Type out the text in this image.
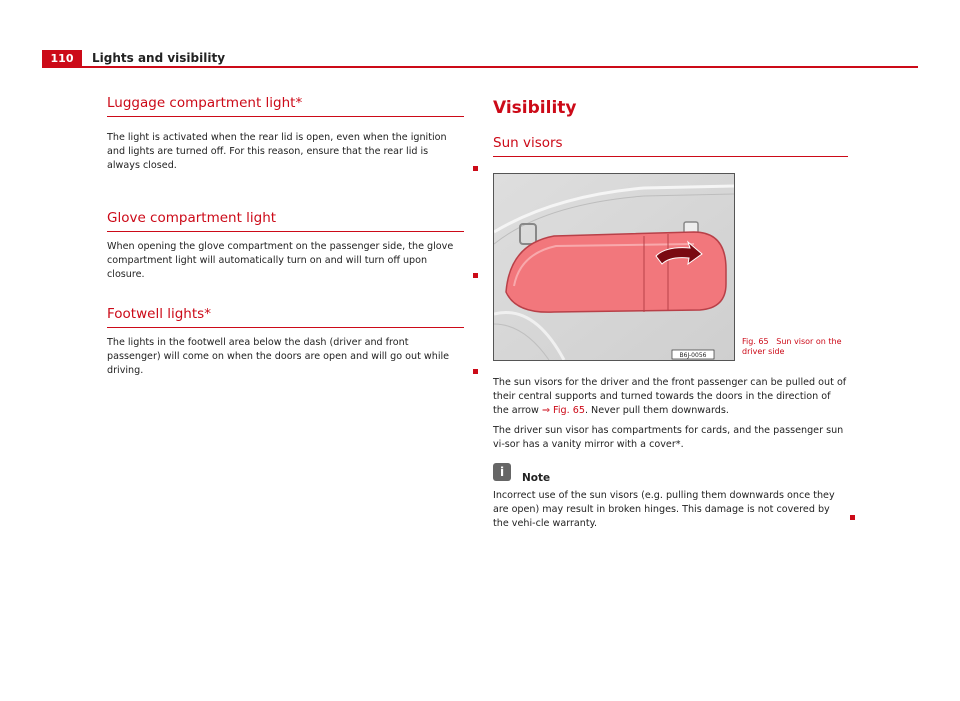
110	Lights and visibility
Luggage compartment light*

The light is activated when the rear lid is open, even when the ignition and lights are turned off. For this reason, ensure that the rear lid is always closed.

Glove compartment light

When opening the glove compartment on the passenger side, the glove compartment light will automatically turn on and will turn off upon closure.

Footwell lights*

The lights in the footwell area below the dash (driver and front passenger) will come on when the doors are open and will go out while driving.

Visibility
Sun visors
B6J-0056
Fig. 65 Sun visor on the driver side

The sun visors for the driver and the front passenger can be pulled out of their central supports and turned towards the doors in the direction of the arrow ⇒ Fig. 65. Never pull them downwards.

The driver sun visor has compartments for cards, and the passenger sun vi-sor has a vanity mirror with a cover*.

i	Note

Incorrect use of the sun visors (e.g. pulling them downwards once they are open) may result in broken hinges. This damage is not covered by the vehi-cle warranty.
